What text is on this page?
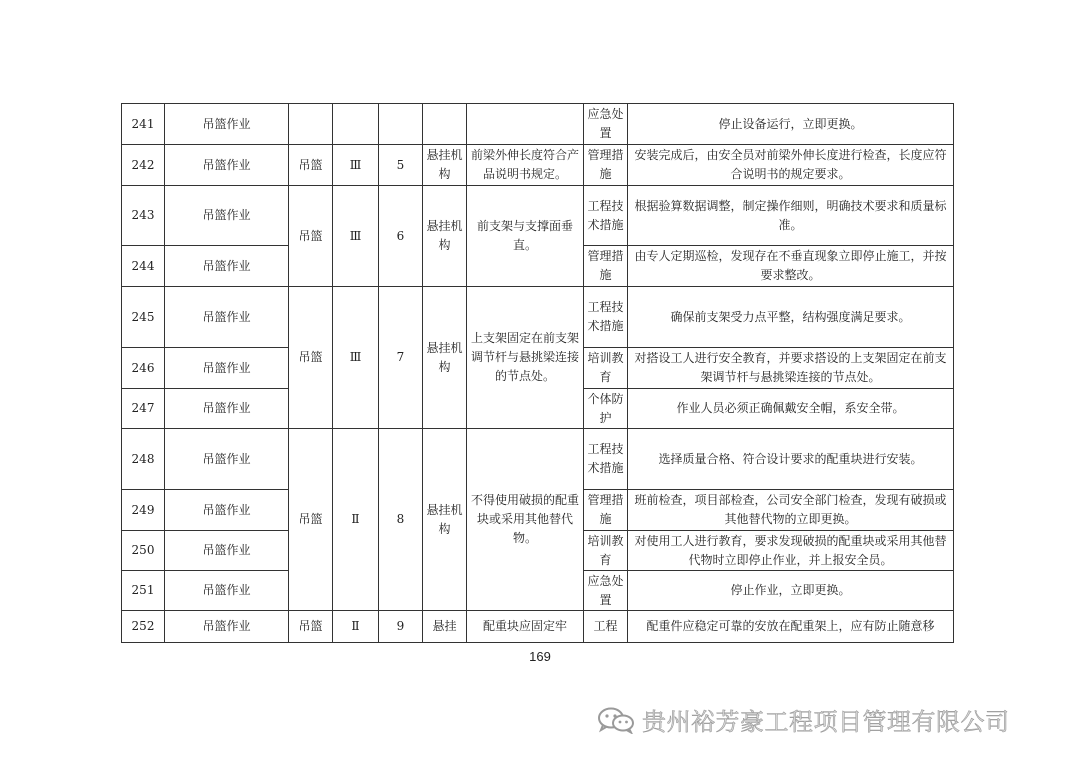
241	吊篮作业						应急处置	停止设备运行，立即更换。
242	吊篮作业	吊篮	Ⅲ	5	悬挂机构	前梁外伸长度符合产品说明书规定。	管理措施	安装完成后，由安全员对前梁外伸长度进行检查，长度应符合说明书的规定要求。
243	吊篮作业	吊篮	Ⅲ	6	悬挂机构	前支架与支撑面垂直。	工程技术措施	根据验算数据调整，制定操作细则，明确技术要求和质量标准。
244	吊篮作业						管理措施	由专人定期巡检，发现存在不垂直现象立即停止施工，并按要求整改。
245	吊篮作业	吊篮	Ⅲ	7	悬挂机构	上支架固定在前支架调节杆与悬挑梁连接的节点处。	工程技术措施	确保前支架受力点平整，结构强度满足要求。
246	吊篮作业						培训教育	对搭设工人进行安全教育，并要求搭设的上支架固定在前支架调节杆与悬挑梁连接的节点处。
247	吊篮作业						个体防护	作业人员必须正确佩戴安全帽，系安全带。
248	吊篮作业	吊篮	Ⅱ	8	悬挂机构	不得使用破损的配重块或采用其他替代物。	工程技术措施	选择质量合格、符合设计要求的配重块进行安装。
249	吊篮作业						管理措施	班前检查，项目部检查，公司安全部门检查，发现有破损或其他替代物的立即更换。
250	吊篮作业						培训教育	对使用工人进行教育，要求发现破损的配重块或采用其他替代物时立即停止作业，并上报安全员。
251	吊篮作业						应急处置	停止作业，立即更换。
252	吊篮作业	吊篮	Ⅱ	9	悬挂	配重块应固定牢	工程	配重件应稳定可靠的安放在配重架上，应有防止随意移
169
贵州裕芳豪工程项目管理有限公司
